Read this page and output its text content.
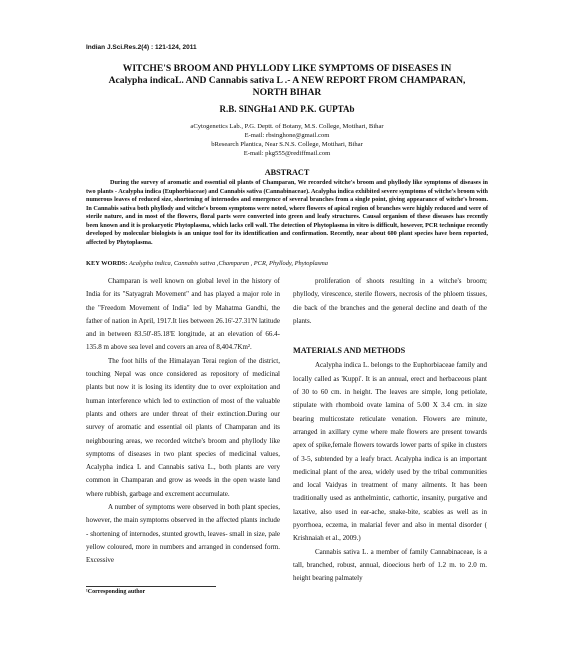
Indian J.Sci.Res.2(4) : 121-124, 2011
WITCHE'S BROOM AND PHYLLODY LIKE SYMPTOMS OF DISEASES IN
Acalypha indicaL. AND Cannabis sativa L .- A NEW REPORT FROM CHAMPARAN,
NORTH BIHAR
R.B. SINGHa1 AND P.K. GUPTAb
aCytogenetics Lab., P.G. Deptt. of Botany, M.S. College, Motihari, Bihar
E-mail: rbsinghone@gmail.com
bResearch Plantica, Near S.N.S. College, Motihari, Bihar
E-mail: pkg555@rediffmail.com
ABSTRACT

During the survey of aromatic and essential oil plants of Champaran, We recorded witche's broom and phyllody like symptoms of diseases in two plants - Acalypha indica (Euphorbiaceae) and Cannabis sativa (Cannabinaceae). Acalypha indica exhibited severe symptoms of witche's broom with numerous leaves of reduced size, shortening of internodes and emergence of several branches from a single point, giving appearance of witche's broom. In Cannabis sativa both phyllody and witche's broom symptoms were noted, where flowers of apical region of branches were highly reduced and were of sterile nature, and in most of the flowers, floral parts were converted into green and leafy structures. Causal organism of these diseases has recently been known and it is prokaryotic Phytoplasma, which lacks cell wall. The detection of Phytoplasma in vitro is difficult, however, PCR technique recently developed by molecular biologists is an unique tool for its identification and confirmation. Recently, near about 600 plant species have been reported, affected by Phytoplasma.

KEY WORDS: Acalypha indica, Cannabis sativa ,Champaran , PCR, Phyllody, Phytoplasma

Champaran is well known on global level in the history of India for its "Satyagrah Movement" and has played a major role in the "Freedom Movement of India" led by Mahatma Gandhi, the father of nation in April, 1917.It lies between 26.16'-27.31'N latitude and in between 83.50'-85.18'E longitude, at an elevation of 66.4-135.8 m above sea level and covers an area of 8,404.7Km².

The foot hills of the Himalayan Terai region of the district, touching Nepal was once considered as repository of medicinal plants but now it is losing its identity due to over exploitation and human interference which led to extinction of most of the valuable plants and others are under threat of their extinction.During our survey of aromatic and essential oil plants of Champaran and its neighbouring areas, we recorded witche's broom and phyllody like symptoms of diseases in two plant species of medicinal values, Acalypha indica L and Cannabis sativa L., both plants are very common in Champaran and grow as weeds in the open waste land where rubbish, garbage and excrement accumulate.

A number of symptoms were observed in both plant species, however, the main symptoms observed in the affected plants include - shortening of internodes, stunted growth, leaves- small in size, pale yellow coloured, more in numbers and arranged in condensed form. Excessive

proliferation of shoots resulting in a witche's broom; phyllody, virescence, sterile flowers, necrosis of the phloem tissues, die back of the branches and the general decline and death of the plants.

MATERIALS AND METHODS

Acalypha indica L. belongs to the Euphorbiaceae family and locally called as 'Kuppi'. It is an annual, erect and herbaceous plant of 30 to 60 cm. in height. The leaves are simple, long petiolate, stipulate with rhomboid ovate lamina of 5.00 X 3.4 cm. in size bearing multicostate reticulate venation. Flowers are minute, arranged in axillary cyme where male flowers are present towards apex of spike,female flowers towards lower parts of spike in clusters of 3-5, subtended by a leafy bract. Acalypha indica is an important medicinal plant of the area, widely used by the tribal communities and local Vaidyas in treatment of many ailments. It has been traditionally used as anthelmintic, cathortic, insanity, purgative and laxative, also used in ear-ache, snake-bite, scabies as well as in pyorrhoea, eczema, in malarial fever and also in mental disorder ( Krishnaiah et al., 2009.)

Cannabis sativa L. a member of family Cannabinaceae, is a tall, branched, robust, annual, dioecious herb of 1.2 m. to 2.0 m. height bearing palmately

¹Corresponding author
